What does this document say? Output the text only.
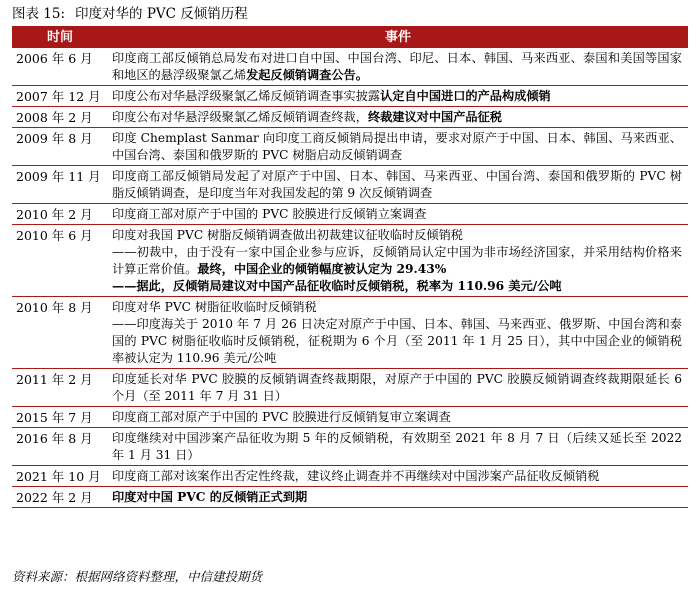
图表 15: 印度对华的 PVC 反倾销历程
时间	事件
2006 年 6 月	印度商工部反倾销总局发布对进口自中国、中国台湾、印尼、日本、韩国、马来西亚、泰国和美国等国家和地区的悬浮级聚氯乙烯发起反倾销调查公告。
2007 年 12 月 印度公布对华悬浮级聚氯乙烯反倾销调查事实披露认定自中国进口的产品构成倾销
2008 年 2 月	印度公布对华悬浮级聚氯乙烯反倾销调查终裁，终裁建议对中国产品征税
2009 年 8 月	印度 Chemplast Sanmar 向印度工商反倾销局提出申请，要求对原产于中国、日本、韩国、马来西亚、中国台湾、泰国和俄罗斯的 PVC 树脂启动反倾销调查
2009 年 11 月 印度商工部反倾销局发起了对原产于中国、日本、韩国、马来西亚、中国台湾、泰国和俄罗斯的 PVC 树脂反倾销调查，是印度当年对我国发起的第 9 次反倾销调查
2010 年 2 月	印度商工部对原产于中国的 PVC 胶膜进行反倾销立案调查
2010 年 6 月	印度对我国 PVC 树脂反倾销调查做出初裁建议征收临时反倾销税
——初裁中，由于没有一家中国企业参与应诉，反倾销局认定中国为非市场经济国家，并采用结构价格来计算正常价值。最终，中国企业的倾销幅度被认定为 29.43%
——据此，反倾销局建议对中国产品征收临时反倾销税，税率为 110.96 美元/公吨
2010 年 8 月	印度对华 PVC 树脂征收临时反倾销税
——印度海关于 2010 年 7 月 26 日决定对原产于中国、日本、韩国、马来西亚、俄罗斯、中国台湾和泰国的 PVC 树脂征收临时反倾销税，征税期为 6 个月（至 2011 年 1 月 25 日），其中中国企业的倾销税率被认定为 110.96 美元/公吨
2011 年 2 月	印度延长对华 PVC 胶膜的反倾销调查终裁期限，对原产于中国的 PVC 胶膜反倾销调查终裁期限延长 6 个月（至 2011 年 7 月 31 日）
2015 年 7 月	印度商工部对原产于中国的 PVC 胶膜进行反倾销复审立案调查
2016 年 8 月	印度继续对中国涉案产品征收为期 5 年的反倾销税，有效期至 2021 年 8 月 7 日（后续又延长至 2022 年 1 月 31 日）
2021 年 10 月 印度商工部对该案作出否定性终裁，建议终止调查并不再继续对中国涉案产品征收反倾销税
2022 年 2 月	印度对中国 PVC 的反倾销正式到期
资料来源：根据网络资料整理，中信建投期货
